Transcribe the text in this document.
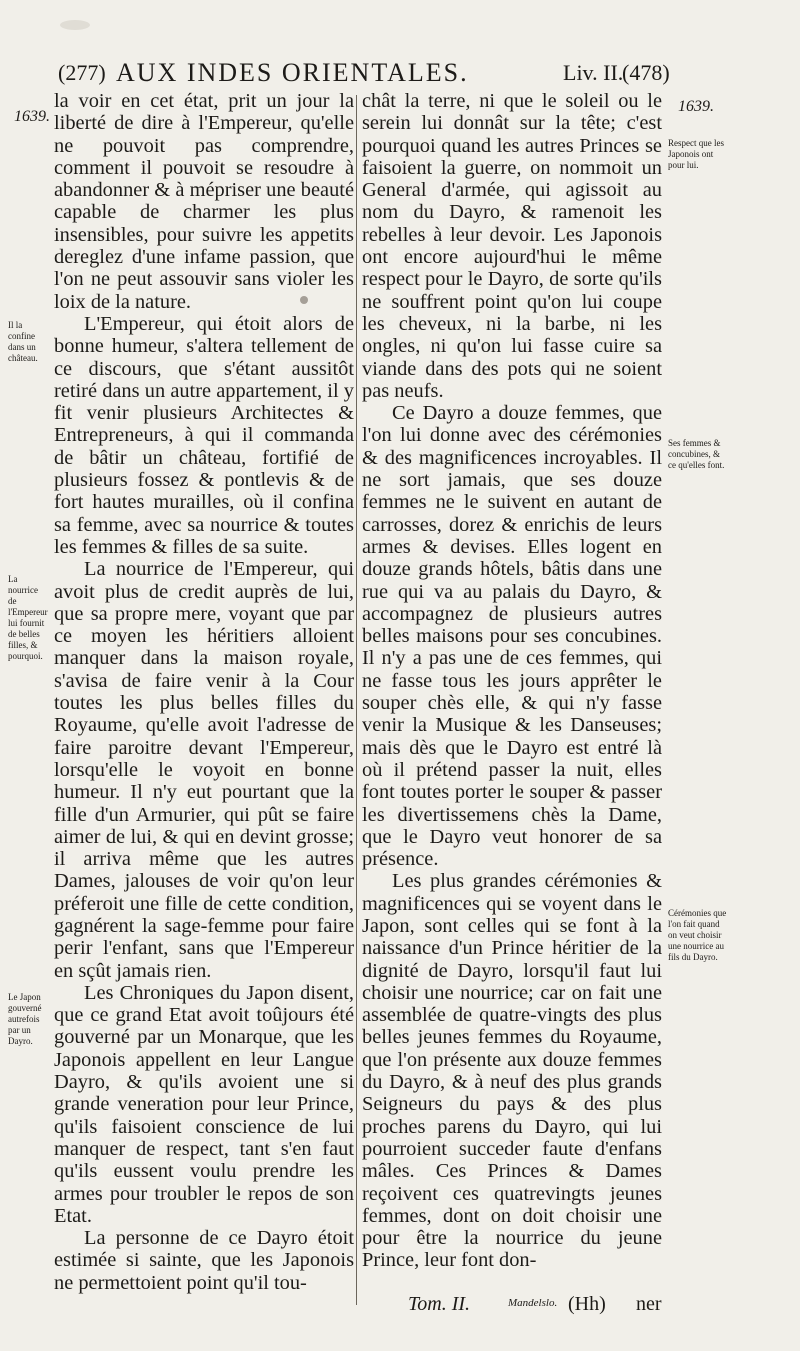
(277) AUX INDES ORIENTALES.	Liv. II.
(478)
1639.
1639.
Il la confine dans un château.
La nourrice de l'Empereur lui fournit de belles filles, & pourquoi.
Le Japon gouverné autrefois par un Dayro.
Respect que les Japonois ont pour lui.
Ses femmes & concubines, & ce qu'elles font.
Cérémonies que l'on fait quand on veut choisir une nourrice au fils du Dayro.

la voir en cet état, prit un jour la liberté de dire à l'Empereur, qu'elle ne pouvoit pas comprendre, comment il pouvoit se resoudre à abandonner & à mépriser une beauté capable de charmer les plus insensibles, pour suivre les appetits dereglez d'une infame passion, que l'on ne peut assouvir sans violer les loix de la nature.

L'Empereur, qui étoit alors de bonne humeur, s'altera tellement de ce discours, que s'étant aussitôt retiré dans un autre appartement, il y fit venir plusieurs Architectes & Entrepreneurs, à qui il commanda de bâtir un château, fortifié de plusieurs fossez & pontlevis & de fort hautes murailles, où il confina sa femme, avec sa nourrice & toutes les femmes & filles de sa suite.

La nourrice de l'Empereur, qui avoit plus de credit auprès de lui, que sa propre mere, voyant que par ce moyen les héritiers alloient manquer dans la maison royale, s'avisa de faire venir à la Cour toutes les plus belles filles du Royaume, qu'elle avoit l'adresse de faire paroitre devant l'Empereur, lorsqu'elle le voyoit en bonne humeur. Il n'y eut pourtant que la fille d'un Armurier, qui pût se faire aimer de lui, & qui en devint grosse; il arriva même que les autres Dames, jalouses de voir qu'on leur préferoit une fille de cette condition, gagnérent la sage-femme pour faire perir l'enfant, sans que l'Empereur en sçût jamais rien.

Les Chroniques du Japon disent, que ce grand Etat avoit toûjours été gouverné par un Monarque, que les Japonois appellent en leur Langue Dayro, & qu'ils avoient une si grande veneration pour leur Prince, qu'ils faisoient conscience de lui manquer de respect, tant s'en faut qu'ils eussent voulu prendre les armes pour troubler le repos de son Etat.

La personne de ce Dayro étoit estimée si sainte, que les Japonois ne permettoient point qu'il tou-

chât la terre, ni que le soleil ou le serein lui donnât sur la tête; c'est pourquoi quand les autres Princes se faisoient la guerre, on nommoit un General d'armée, qui agissoit au nom du Dayro, & ramenoit les rebelles à leur devoir. Les Japonois ont encore aujourd'hui le même respect pour le Dayro, de sorte qu'ils ne souffrent point qu'on lui coupe les cheveux, ni la barbe, ni les ongles, ni qu'on lui fasse cuire sa viande dans des pots qui ne soient pas neufs.

Ce Dayro a douze femmes, que l'on lui donne avec des cérémonies & des magnificences incroyables. Il ne sort jamais, que ses douze femmes ne le suivent en autant de carrosses, dorez & enrichis de leurs armes & devises. Elles logent en douze grands hôtels, bâtis dans une rue qui va au palais du Dayro, & accompagnez de plusieurs autres belles maisons pour ses concubines. Il n'y a pas une de ces femmes, qui ne fasse tous les jours apprêter le souper chès elle, & qui n'y fasse venir la Musique & les Danseuses; mais dès que le Dayro est entré là où il prétend passer la nuit, elles font toutes porter le souper & passer les divertissemens chès la Dame, que le Dayro veut honorer de sa présence.

Les plus grandes cérémonies & magnificences qui se voyent dans le Japon, sont celles qui se font à la naissance d'un Prince héritier de la dignité de Dayro, lorsqu'il faut lui choisir une nourrice; car on fait une assemblée de quatre-vingts des plus belles jeunes femmes du Royaume, que l'on présente aux douze femmes du Dayro, & à neuf des plus grands Seigneurs du pays & des plus proches parens du Dayro, qui lui pourroient succeder faute d'enfans mâles. Ces Princes & Dames reçoivent ces quatrevingts jeunes femmes, dont on doit choisir une pour être la nourrice du jeune Prince, leur font don-

Tom. II.	Mandelslo. (Hh) ner
